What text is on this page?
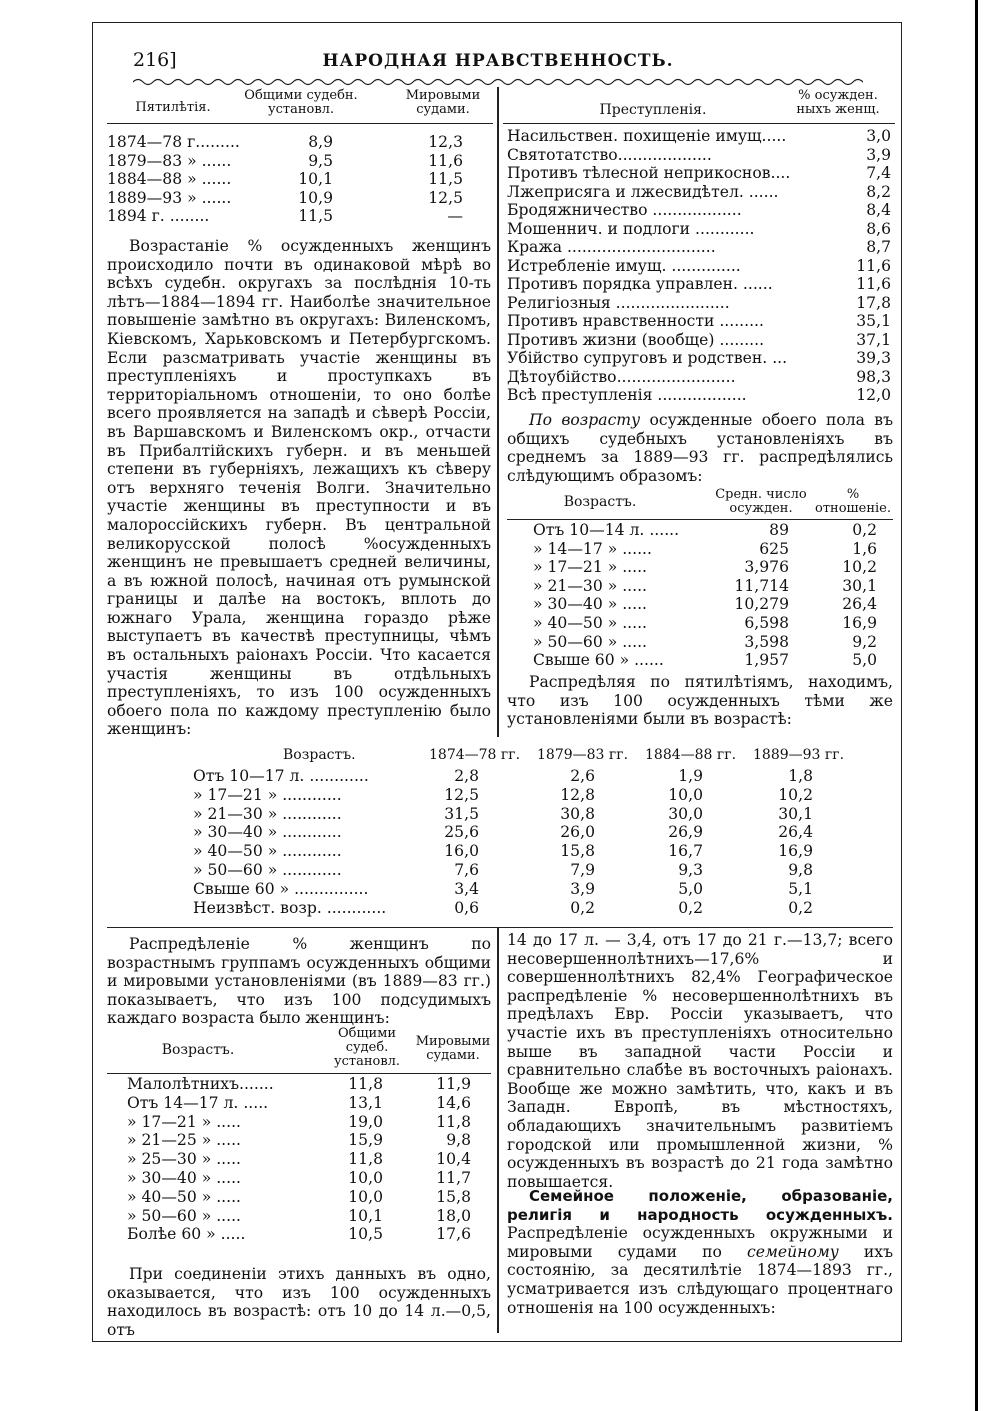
216]	НАРОДНАЯ НРАВСТВЕННОСТЬ.
Пятилѣтія.
Общими судебн. установл.
Мировыми судами.
1874—78 г.........	8,9	12,3
1879—83 » ......	9,5	11,6
1884—88 » ......	10,1	11,5
1889—93 » ......	10,9	12,5
1894 г. ........	11,5	—

Возрастаніе % осужденныхъ женщинъ происходило почти въ одинаковой мѣрѣ во всѣхъ судебн. округахъ за послѣднія 10-ть лѣтъ—1884—1894 гг. Наиболѣе значительное повышеніе замѣтно въ округахъ: Виленскомъ, Кіевскомъ, Харьковскомъ и Петербургскомъ. Если разсматривать участіе женщины въ преступленіяхъ и проступкахъ въ территоріальномъ отношеніи, то оно болѣе всего проявляется на западѣ и сѣверѣ Россіи, въ Варшавскомъ и Виленскомъ окр., отчасти въ Прибалтійскихъ губерн. и въ меньшей степени въ губерніяхъ, лежащихъ къ сѣверу отъ верхняго теченія Волги. Значительно участіе женщины въ преступности и въ малороссійскихъ губерн. Въ центральной великорусской полосѣ %осужденныхъ женщинъ не превышаетъ средней величины, а въ южной полосѣ, начиная отъ румынской границы и далѣе на востокъ, вплоть до южнаго Урала, женщина гораздо рѣже выступаетъ въ качествѣ преступницы, чѣмъ въ остальныхъ раіонахъ Россіи. Что касается участія женщины въ отдѣльныхъ преступленіяхъ, то изъ 100 осужденныхъ обоего пола по каждому преступленію было женщинъ:

Преступленія.
% осужден. ныхъ женщ.
Насильствен. похищеніе имущ.....	3,0
Святотатство...................	3,9
Противъ тѣлесной неприкоснов....	7,4
Лжеприсяга и лжесвидѣтел. ......	8,2
Бродяжничество ..................	8,4
Мошеннич. и подлоги ............	8,6
Кража ..............................	8,7
Истребленіе имущ. ..............	11,6
Противъ порядка управлен. ......	11,6
Религіозныя .......................	17,8
Противъ нравственности .........	35,1
Противъ жизни (вообще) .........	37,1
Убійство супруговъ и родствен. ...	39,3
Дѣтоубійство........................	98,3
Всѣ преступленія ..................	12,0

По возрасту осужденные обоего пола въ общихъ судебныхъ установленіяхъ въ среднемъ за 1889—93 гг. распредѣлялись слѣдующимъ образомъ:

Возрастъ.	Средн. число осужден.
% отношеніе.
Отъ 10—14 л. ......	89	0,2
» 14—17 » ......	625	1,6
» 17—21 » .....	3,976	10,2
» 21—30 » .....	11,714	30,1
» 30—40 » .....	10,279	26,4
» 40—50 » .....	6,598	16,9
» 50—60 » .....	3,598	9,2
Свыше 60 » ......	1,957	5,0

Распредѣляя по пятилѣтіямъ, находимъ, что изъ 100 осужденныхъ тѣми же установленіями были въ возрастѣ:

Возрастъ.	1874—78 гг. 1879—83 гг. 1884—88 гг. 1889—93 гг.
Отъ 10—17 л. ............	2,8	2,6	1,9	1,8
» 17—21 » ............	12,5	12,8	10,0	10,2
» 21—30 » ............	31,5	30,8	30,0	30,1
» 30—40 » ............	25,6	26,0	26,9	26,4
» 40—50 » ............	16,0	15,8	16,7	16,9
» 50—60 » ............	7,6	7,9	9,3	9,8
Свыше 60 » ...............	3,4	3,9	5,0	5,1
Неизвѣст. возр. ............	0,6	0,2	0,2	0,2

Распредѣленіе % женщинъ по возрастнымъ группамъ осужденныхъ общими и мировыми установленіями (въ 1889—83 гг.) показываетъ, что изъ 100 подсудимыхъ каждаго возраста было женщинъ:

Возрастъ.
Общими судеб. установл.
Мировыми судами.
Малолѣтнихъ.......	11,8	11,9
Отъ 14—17 л. .....	13,1	14,6
» 17—21 » .....	19,0	11,8
» 21—25 » .....	15,9	9,8
» 25—30 » .....	11,8	10,4
» 30—40 » .....	10,0	11,7
» 40—50 » .....	10,0	15,8
» 50—60 » .....	10,1	18,0
Болѣе 60 » .....	10,5	17,6

При соединеніи этихъ данныхъ въ одно, оказывается, что изъ 100 осужденныхъ находилось въ возрастѣ: отъ 10 до 14 л.—0,5, отъ

14 до 17 л. — 3,4, отъ 17 до 21 г.—13,7; всего несовершеннолѣтнихъ—17,6% и совершеннолѣтнихъ 82,4% Географическое распредѣленіе % несовершеннолѣтнихъ въ предѣлахъ Евр. Россіи указываетъ, что участіе ихъ въ преступленіяхъ относительно выше въ западной части Россіи и сравнительно слабѣе въ восточныхъ раіонахъ. Вообще же можно замѣтить, что, какъ и въ Западн. Европѣ, въ мѣстностяхъ, обладающихъ значительнымъ развитіемъ городской или промышленной жизни, % осужденныхъ въ возрастѣ до 21 года замѣтно повышается.

Семейное положеніе, образованіе, религія и народность осужденныхъ. Распредѣленіе осужденныхъ окружными и мировыми судами по семейному ихъ состоянію, за десятилѣтіе 1874—1893 гг., усматривается изъ слѣдующаго процентнаго отношенія на 100 осужденныхъ:
